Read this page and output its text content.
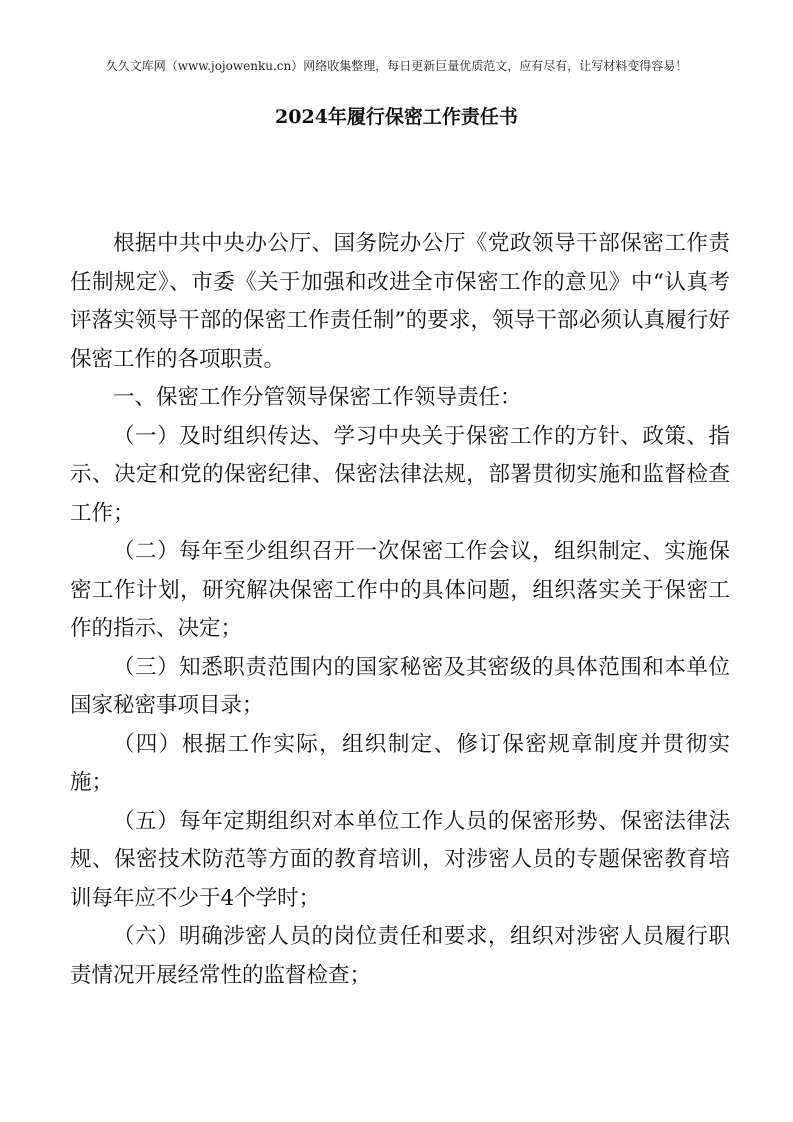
久久文库网（www.jojowenku.cn）网络收集整理，每日更新巨量优质范文，应有尽有，让写材料变得容易！
2024年履行保密工作责任书

根据中共中央办公厅、国务院办公厅《党政领导干部保密工作责任制规定》、市委《关于加强和改进全市保密工作的意见》中“认真考评落实领导干部的保密工作责任制”的要求，领导干部必须认真履行好保密工作的各项职责。

一、保密工作分管领导保密工作领导责任：

（一）及时组织传达、学习中央关于保密工作的方针、政策、指示、决定和党的保密纪律、保密法律法规，部署贯彻实施和监督检查工作；

（二）每年至少组织召开一次保密工作会议，组织制定、实施保密工作计划，研究解决保密工作中的具体问题，组织落实关于保密工作的指示、决定；

（三）知悉职责范围内的国家秘密及其密级的具体范围和本单位国家秘密事项目录；

（四）根据工作实际，组织制定、修订保密规章制度并贯彻实施；

（五）每年定期组织对本单位工作人员的保密形势、保密法律法规、保密技术防范等方面的教育培训，对涉密人员的专题保密教育培训每年应不少于4个学时；

（六）明确涉密人员的岗位责任和要求，组织对涉密人员履行职责情况开展经常性的监督检查；
